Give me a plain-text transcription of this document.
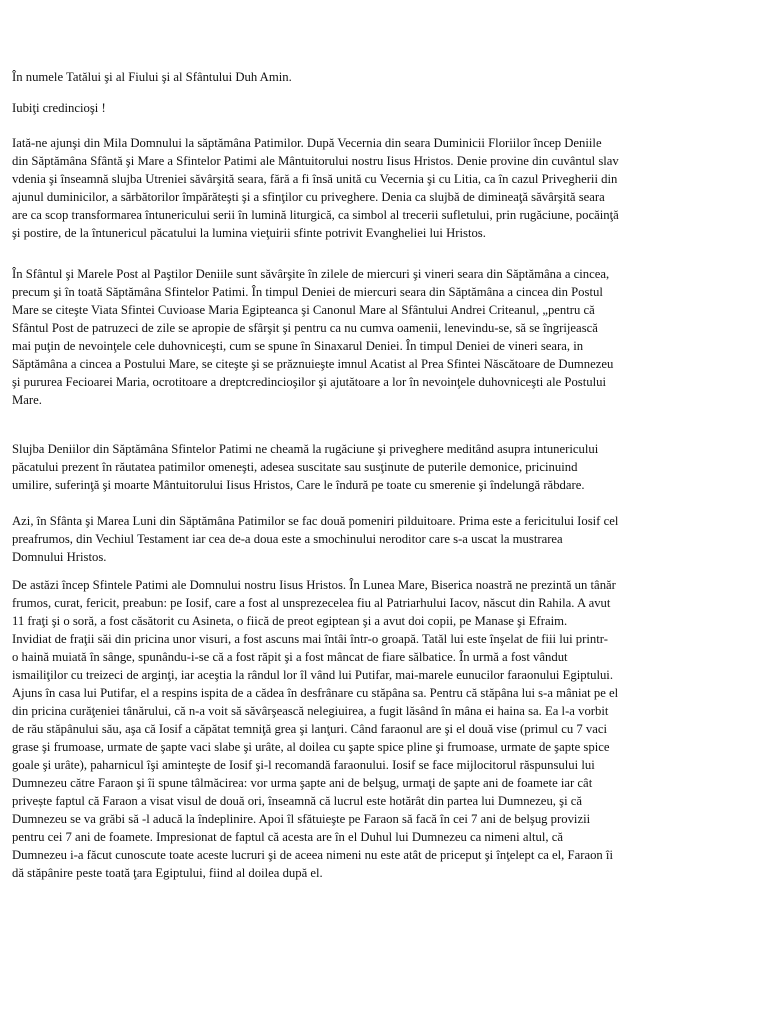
În numele Tatălui şi al Fiului şi al Sfântului Duh Amin.

Iubiţi credincioşi !

Iată-ne ajunşi din Mila Domnului la săptămâna Patimilor. După Vecernia din seara Duminicii Floriilor încep Deniile
din Săptămâna Sfântă şi Mare a Sfintelor Patimi ale Mântuitorului nostru Iisus Hristos. Denie provine din cuvântul slav
vdenia şi înseamnă slujba Utreniei săvârşită seara, fără a fi însă unită cu Vecernia şi cu Litia, ca în cazul Privegherii din
ajunul duminicilor, a sărbătorilor împărăteşti şi a sfinţilor cu priveghere. Denia ca slujbă de dimineaţă săvârşită seara
are ca scop transformarea întunericului serii în lumină liturgică, ca simbol al trecerii sufletului, prin rugăciune, pocăinţă
şi postire, de la întunericul păcatului la lumina vieţuirii sfinte potrivit Evangheliei lui Hristos.

În Sfântul şi Marele Post al Paştilor Deniile sunt săvârşite în zilele de miercuri şi vineri seara din Săptămâna a cincea,
precum şi în toată Săptămâna Sfintelor Patimi. În timpul Deniei de miercuri seara din Săptămâna a cincea din Postul
Mare se citeşte Viata Sfintei Cuvioase Maria Egipteanca şi Canonul Mare al Sfântului Andrei Criteanul, „pentru că
Sfântul Post de patruzeci de zile se apropie de sfârşit şi pentru ca nu cumva oamenii, lenevindu-se, să se îngrijească
mai puţin de nevoinţele cele duhovniceşti, cum se spune în Sinaxarul Deniei. În timpul Deniei de vineri seara, in
Săptămâna a cincea a Postului Mare, se citeşte şi se prăznuieşte imnul Acatist al Prea Sfintei Născătoare de Dumnezeu
şi pururea Fecioarei Maria, ocrotitoare a dreptcredincioşilor şi ajutătoare a lor în nevoinţele duhovniceşti ale Postului
Mare.

Slujba Deniilor din Săptămâna Sfintelor Patimi ne cheamă la rugăciune şi priveghere meditând asupra intunericului
păcatului prezent în răutatea patimilor omeneşti, adesea suscitate sau susţinute de puterile demonice, pricinuind
umilire, suferinţă şi moarte Mântuitorului Iisus Hristos, Care le îndură pe toate cu smerenie şi îndelungă răbdare.

Azi, în Sfânta şi Marea Luni din Săptămâna Patimilor se fac două pomeniri pilduitoare. Prima este a fericitului Iosif cel
preafrumos, din Vechiul Testament iar cea de-a doua este a smochinului neroditor care s-a uscat la mustrarea
Domnului Hristos.

De astăzi încep Sfintele Patimi ale Domnului nostru Iisus Hristos. În Lunea Mare, Biserica noastră ne prezintă un tânăr
frumos, curat, fericit, preabun: pe Iosif, care a fost al unsprezecelea fiu al Patriarhului Iacov, născut din Rahila. A avut
11 fraţi şi o soră, a fost căsătorit cu Asineta, o fiică de preot egiptean şi a avut doi copii, pe Manase şi Efraim.
Invidiat de fraţii săi din pricina unor visuri, a fost ascuns mai întâi într-o groapă. Tatăl lui este înşelat de fiii lui printr-
o haină muiată în sânge, spunându-i-se că a fost răpit şi a fost mâncat de fiare sălbatice. În urmă a fost vândut
ismailiţilor cu treizeci de arginţi, iar aceştia la rândul lor îl vând lui Putifar, mai-marele eunucilor faraonului Egiptului.
Ajuns în casa lui Putifar, el a respins ispita de a cădea în desfrânare cu stăpâna sa. Pentru că stăpâna lui s-a mâniat pe el
din pricina curăţeniei tânărului, că n-a voit să săvârşească nelegiuirea, a fugit lăsând în mâna ei haina sa. Ea l-a vorbit
de rău stăpânului său, aşa că Iosif a căpătat temniţă grea şi lanţuri. Când faraonul are şi el două vise (primul cu 7 vaci
grase şi frumoase, urmate de şapte vaci slabe şi urâte, al doilea cu şapte spice pline şi frumoase, urmate de şapte spice
goale şi urâte), paharnicul îşi aminteşte de Iosif şi-l recomandă faraonului. Iosif se face mijlocitorul răspunsului lui
Dumnezeu către Faraon şi îi spune tâlmăcirea: vor urma şapte ani de belşug, urmaţi de şapte ani de foamete iar cât
privește faptul că Faraon a visat visul de două ori, înseamnă că lucrul este hotărât din partea lui Dumnezeu, şi că
Dumnezeu se va grăbi să -l aducă la îndeplinire. Apoi îl sfătuieşte pe Faraon să facă în cei 7 ani de belşug provizii
pentru cei 7 ani de foamete. Impresionat de faptul că acesta are în el Duhul lui Dumnezeu ca nimeni altul, că
Dumnezeu i-a făcut cunoscute toate aceste lucruri şi de aceea nimeni nu este atât de priceput şi înţelept ca el, Faraon îi
dă stăpânire peste toată ţara Egiptului, fiind al doilea după el.
